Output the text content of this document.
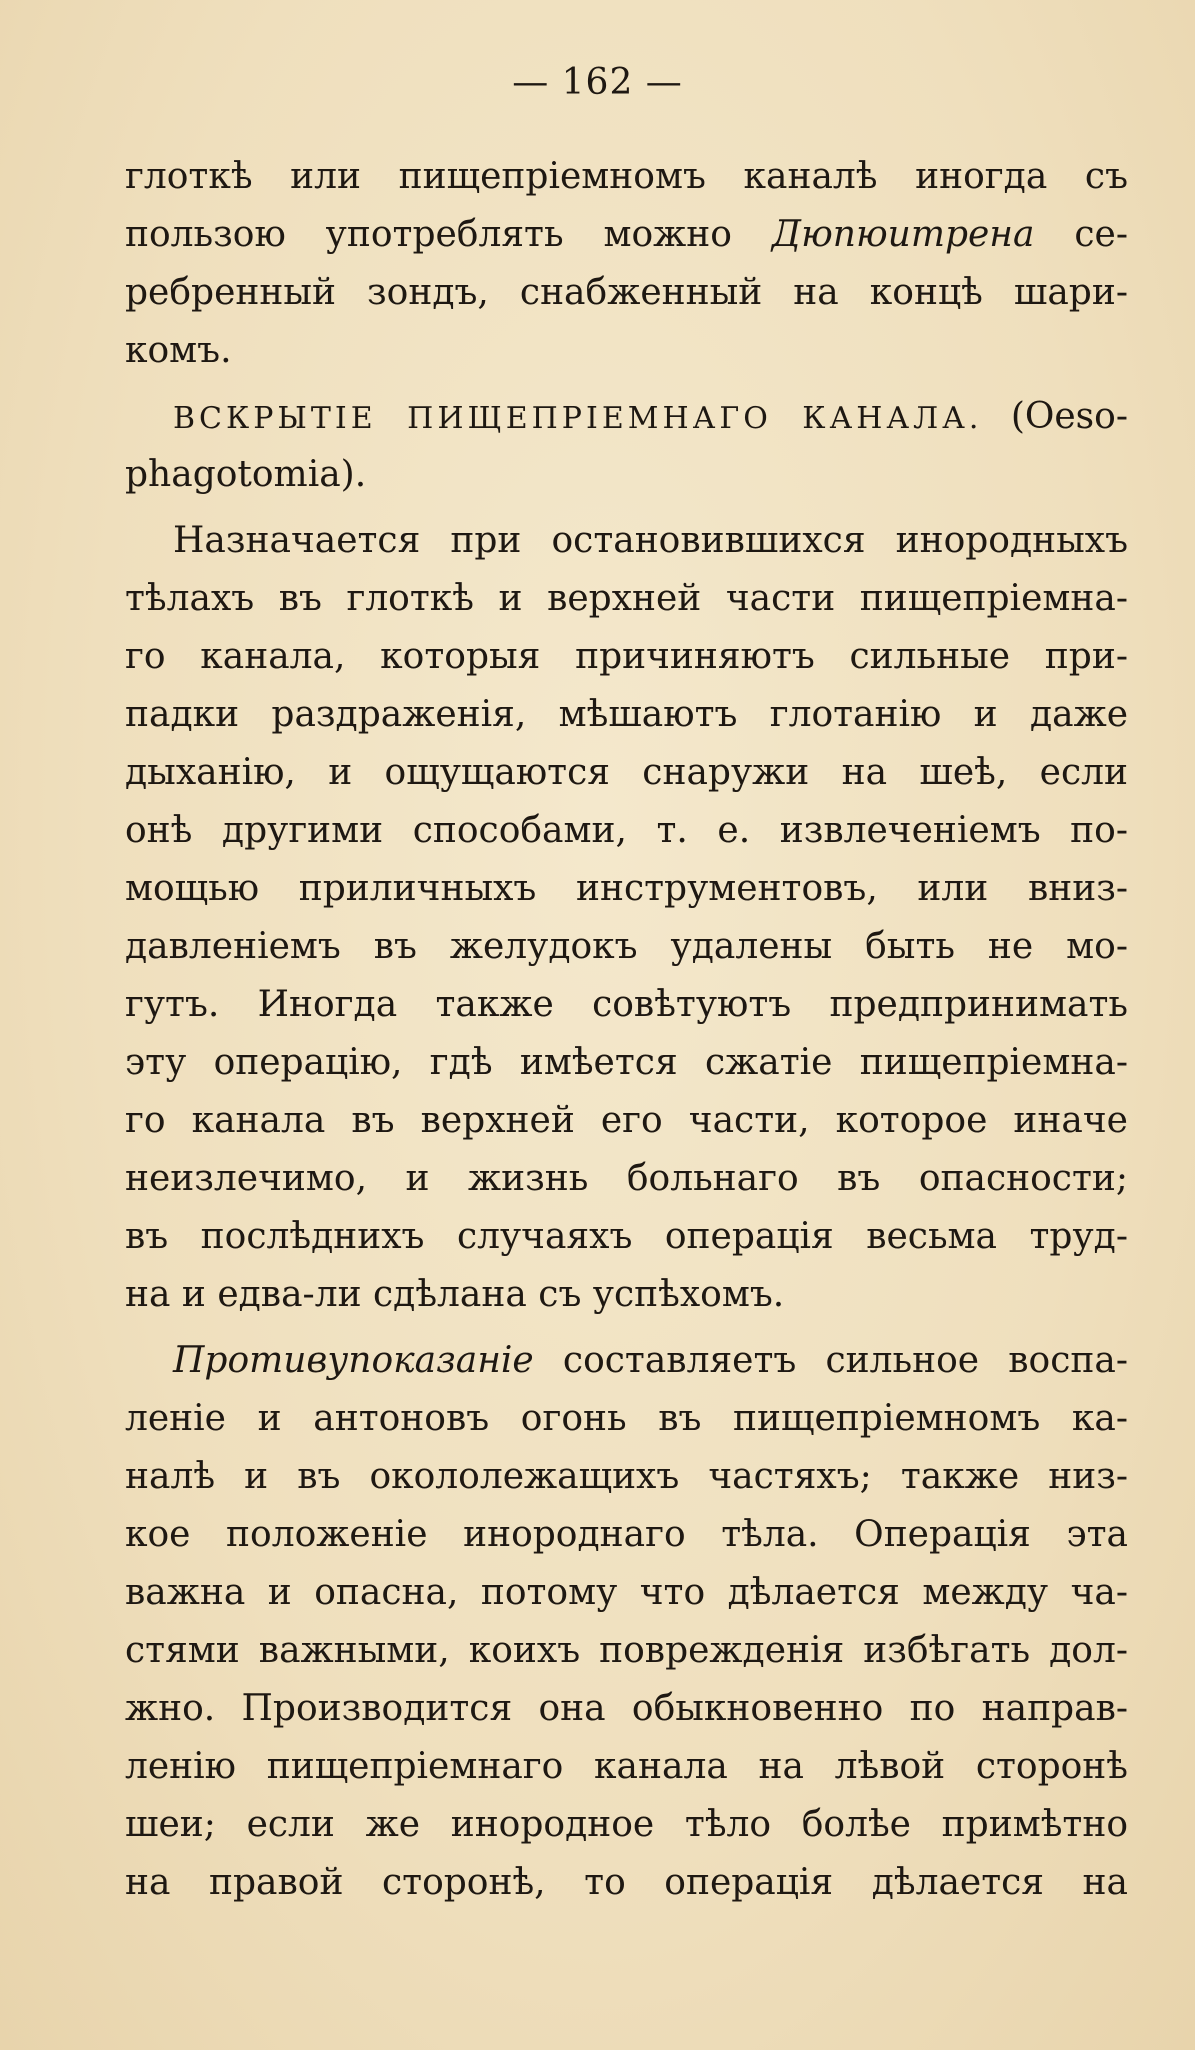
— 162 —
глоткѣ или пищепріемномъ каналѣ иногда съ
пользою употреблять можно Дюпюитрена се-
ребренный зондъ, снабженный на концѣ шари-
комъ.
ВСКРЫТІЕ ПИЩЕПРІЕМНАГО КАНАЛА. (Oeso-
phagotomia).
Назначается при остановившихся инородныхъ
тѣлахъ въ глоткѣ и верхней части пищепріемна-
го канала, которыя причиняютъ сильные при-
падки раздраженія, мѣшаютъ глотанію и даже
дыханію, и ощущаются снаружи на шеѣ, если
онѣ другими способами, т. е. извлеченіемъ по-
мощью приличныхъ инструментовъ, или вниз-
давленіемъ въ желудокъ удалены быть не мо-
гутъ. Иногда также совѣтуютъ предпринимать
эту операцію, гдѣ имѣется сжатіе пищепріемна-
го канала въ верхней его части, которое иначе
неизлечимо, и жизнь больнаго въ опасности;
въ послѣднихъ случаяхъ операція весьма труд-
на и едва-ли сдѣлана съ успѣхомъ.
Противупоказаніе составляетъ сильное воспа-
леніе и антоновъ огонь въ пищепріемномъ ка-
налѣ и въ окололежащихъ частяхъ; также низ-
кое положеніе инороднаго тѣла. Операція эта
важна и опасна, потому что дѣлается между ча-
стями важными, коихъ поврежденія избѣгать дол-
жно. Производится она обыкновенно по направ-
ленію пищепріемнаго канала на лѣвой сторонѣ
шеи; если же инородное тѣло болѣе примѣтно
на правой сторонѣ, то операція дѣлается на
